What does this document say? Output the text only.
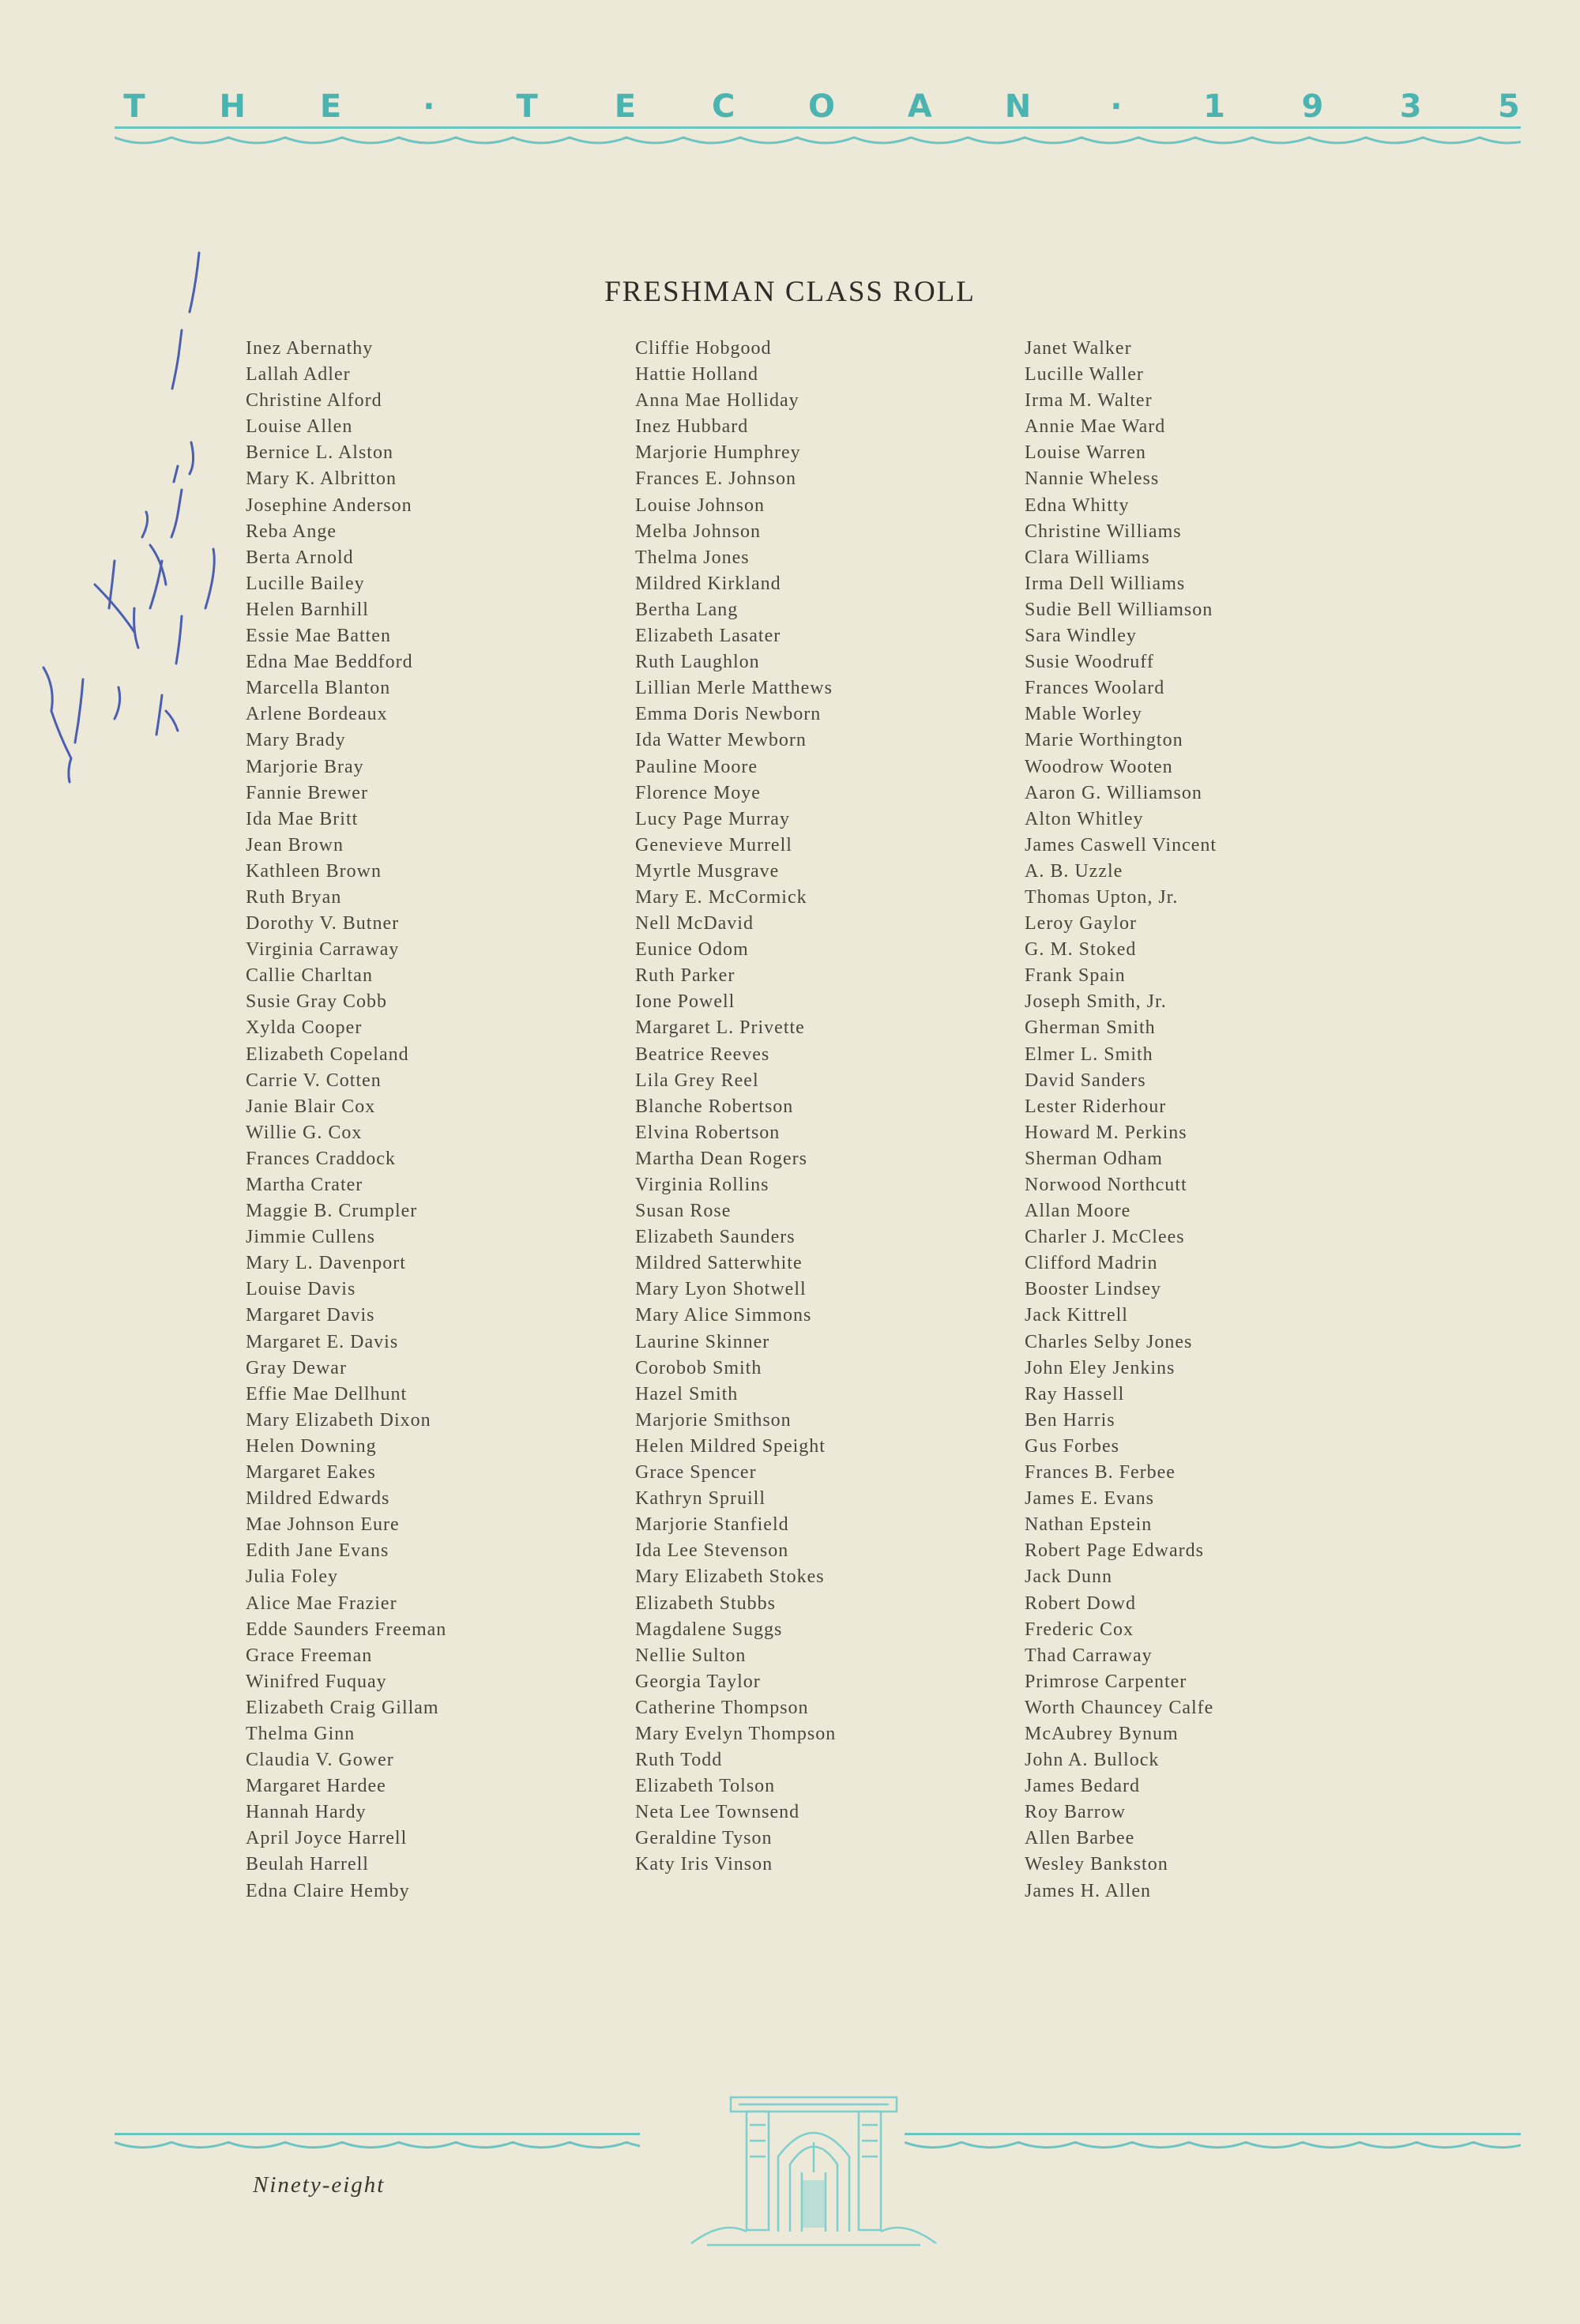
T H E	·	T E C O A N	·	1 9 3 5
FRESHMAN CLASS ROLL
Inez Abernathy
Lallah Adler
Christine Alford
Louise Allen
Bernice L. Alston
Mary K. Albritton
Josephine Anderson
Reba Ange
Berta Arnold
Lucille Bailey
Helen Barnhill
Essie Mae Batten
Edna Mae Beddford
Marcella Blanton
Arlene Bordeaux
Mary Brady
Marjorie Bray
Fannie Brewer
Ida Mae Britt
Jean Brown
Kathleen Brown
Ruth Bryan
Dorothy V. Butner
Virginia Carraway
Callie Charltan
Susie Gray Cobb
Xylda Cooper
Elizabeth Copeland
Carrie V. Cotten
Janie Blair Cox
Willie G. Cox
Frances Craddock
Martha Crater
Maggie B. Crumpler
Jimmie Cullens
Mary L. Davenport
Louise Davis
Margaret Davis
Margaret E. Davis
Gray Dewar
Effie Mae Dellhunt
Mary Elizabeth Dixon
Helen Downing
Margaret Eakes
Mildred Edwards
Mae Johnson Eure
Edith Jane Evans
Julia Foley
Alice Mae Frazier
Edde Saunders Freeman
Grace Freeman
Winifred Fuquay
Elizabeth Craig Gillam
Thelma Ginn
Claudia V. Gower
Margaret Hardee
Hannah Hardy
April Joyce Harrell
Beulah Harrell
Edna Claire Hemby
Cliffie Hobgood
Hattie Holland
Anna Mae Holliday
Inez Hubbard
Marjorie Humphrey
Frances E. Johnson
Louise Johnson
Melba Johnson
Thelma Jones
Mildred Kirkland
Bertha Lang
Elizabeth Lasater
Ruth Laughlon
Lillian Merle Matthews
Emma Doris Newborn
Ida Watter Mewborn
Pauline Moore
Florence Moye
Lucy Page Murray
Genevieve Murrell
Myrtle Musgrave
Mary E. McCormick
Nell McDavid
Eunice Odom
Ruth Parker
Ione Powell
Margaret L. Privette
Beatrice Reeves
Lila Grey Reel
Blanche Robertson
Elvina Robertson
Martha Dean Rogers
Virginia Rollins
Susan Rose
Elizabeth Saunders
Mildred Satterwhite
Mary Lyon Shotwell
Mary Alice Simmons
Laurine Skinner
Corobob Smith
Hazel Smith
Marjorie Smithson
Helen Mildred Speight
Grace Spencer
Kathryn Spruill
Marjorie Stanfield
Ida Lee Stevenson
Mary Elizabeth Stokes
Elizabeth Stubbs
Magdalene Suggs
Nellie Sulton
Georgia Taylor
Catherine Thompson
Mary Evelyn Thompson
Ruth Todd
Elizabeth Tolson
Neta Lee Townsend
Geraldine Tyson
Katy Iris Vinson
Janet Walker
Lucille Waller
Irma M. Walter
Annie Mae Ward
Louise Warren
Nannie Wheless
Edna Whitty
Christine Williams
Clara Williams
Irma Dell Williams
Sudie Bell Williamson
Sara Windley
Susie Woodruff
Frances Woolard
Mable Worley
Marie Worthington
Woodrow Wooten
Aaron G. Williamson
Alton Whitley
James Caswell Vincent
A. B. Uzzle
Thomas Upton, Jr.
Leroy Gaylor
G. M. Stoked
Frank Spain
Joseph Smith, Jr.
Gherman Smith
Elmer L. Smith
David Sanders
Lester Riderhour
Howard M. Perkins
Sherman Odham
Norwood Northcutt
Allan Moore
Charler J. McClees
Clifford Madrin
Booster Lindsey
Jack Kittrell
Charles Selby Jones
John Eley Jenkins
Ray Hassell
Ben Harris
Gus Forbes
Frances B. Ferbee
James E. Evans
Nathan Epstein
Robert Page Edwards
Jack Dunn
Robert Dowd
Frederic Cox
Thad Carraway
Primrose Carpenter
Worth Chauncey Calfe
McAubrey Bynum
John A. Bullock
James Bedard
Roy Barrow
Allen Barbee
Wesley Bankston
James H. Allen
Ninety-eight
